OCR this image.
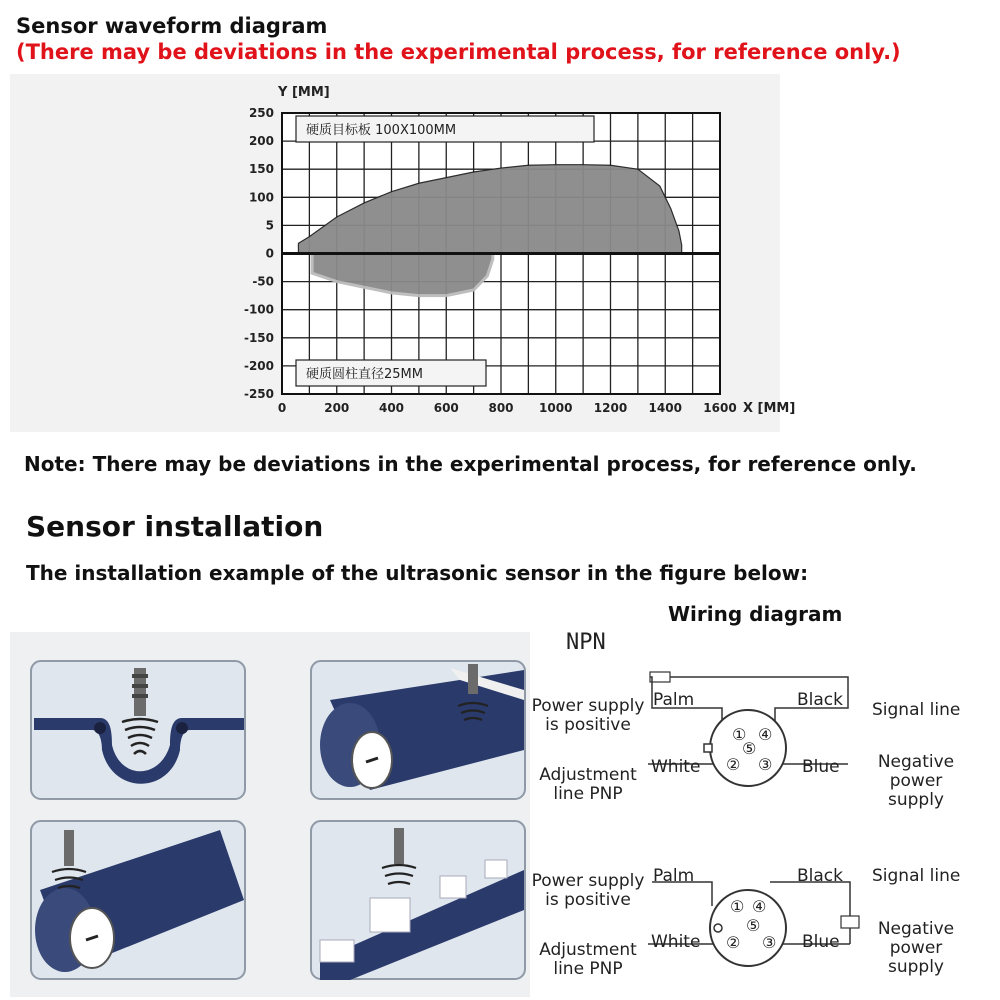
Sensor waveform diagram
(There may be deviations in the experimental process, for reference only.)
250
200
150
100
5
0
-50
-100
-150
-200
-250
0	200 400 600 800 1000 1200 1400 1600
Y [MM]
X [MM]
硬质目标板 100X100MM
硬质圆柱直径25MM
Note: There may be deviations in the experimental process, for reference only.
Sensor installation
The installation example of the ultrasonic sensor in the figure below:
Wiring diagram
NPN
①
② ③
④
⑤
Power supply
is positive
Adjustment
line PNP
Palm	Black
White	Blue
Signal line
Negative
power
supply
①
② ③
④
⑤
Power supply
is positive
Adjustment
line PNP
Palm	Black
White	Blue
Signal line
Negative
power
supply
